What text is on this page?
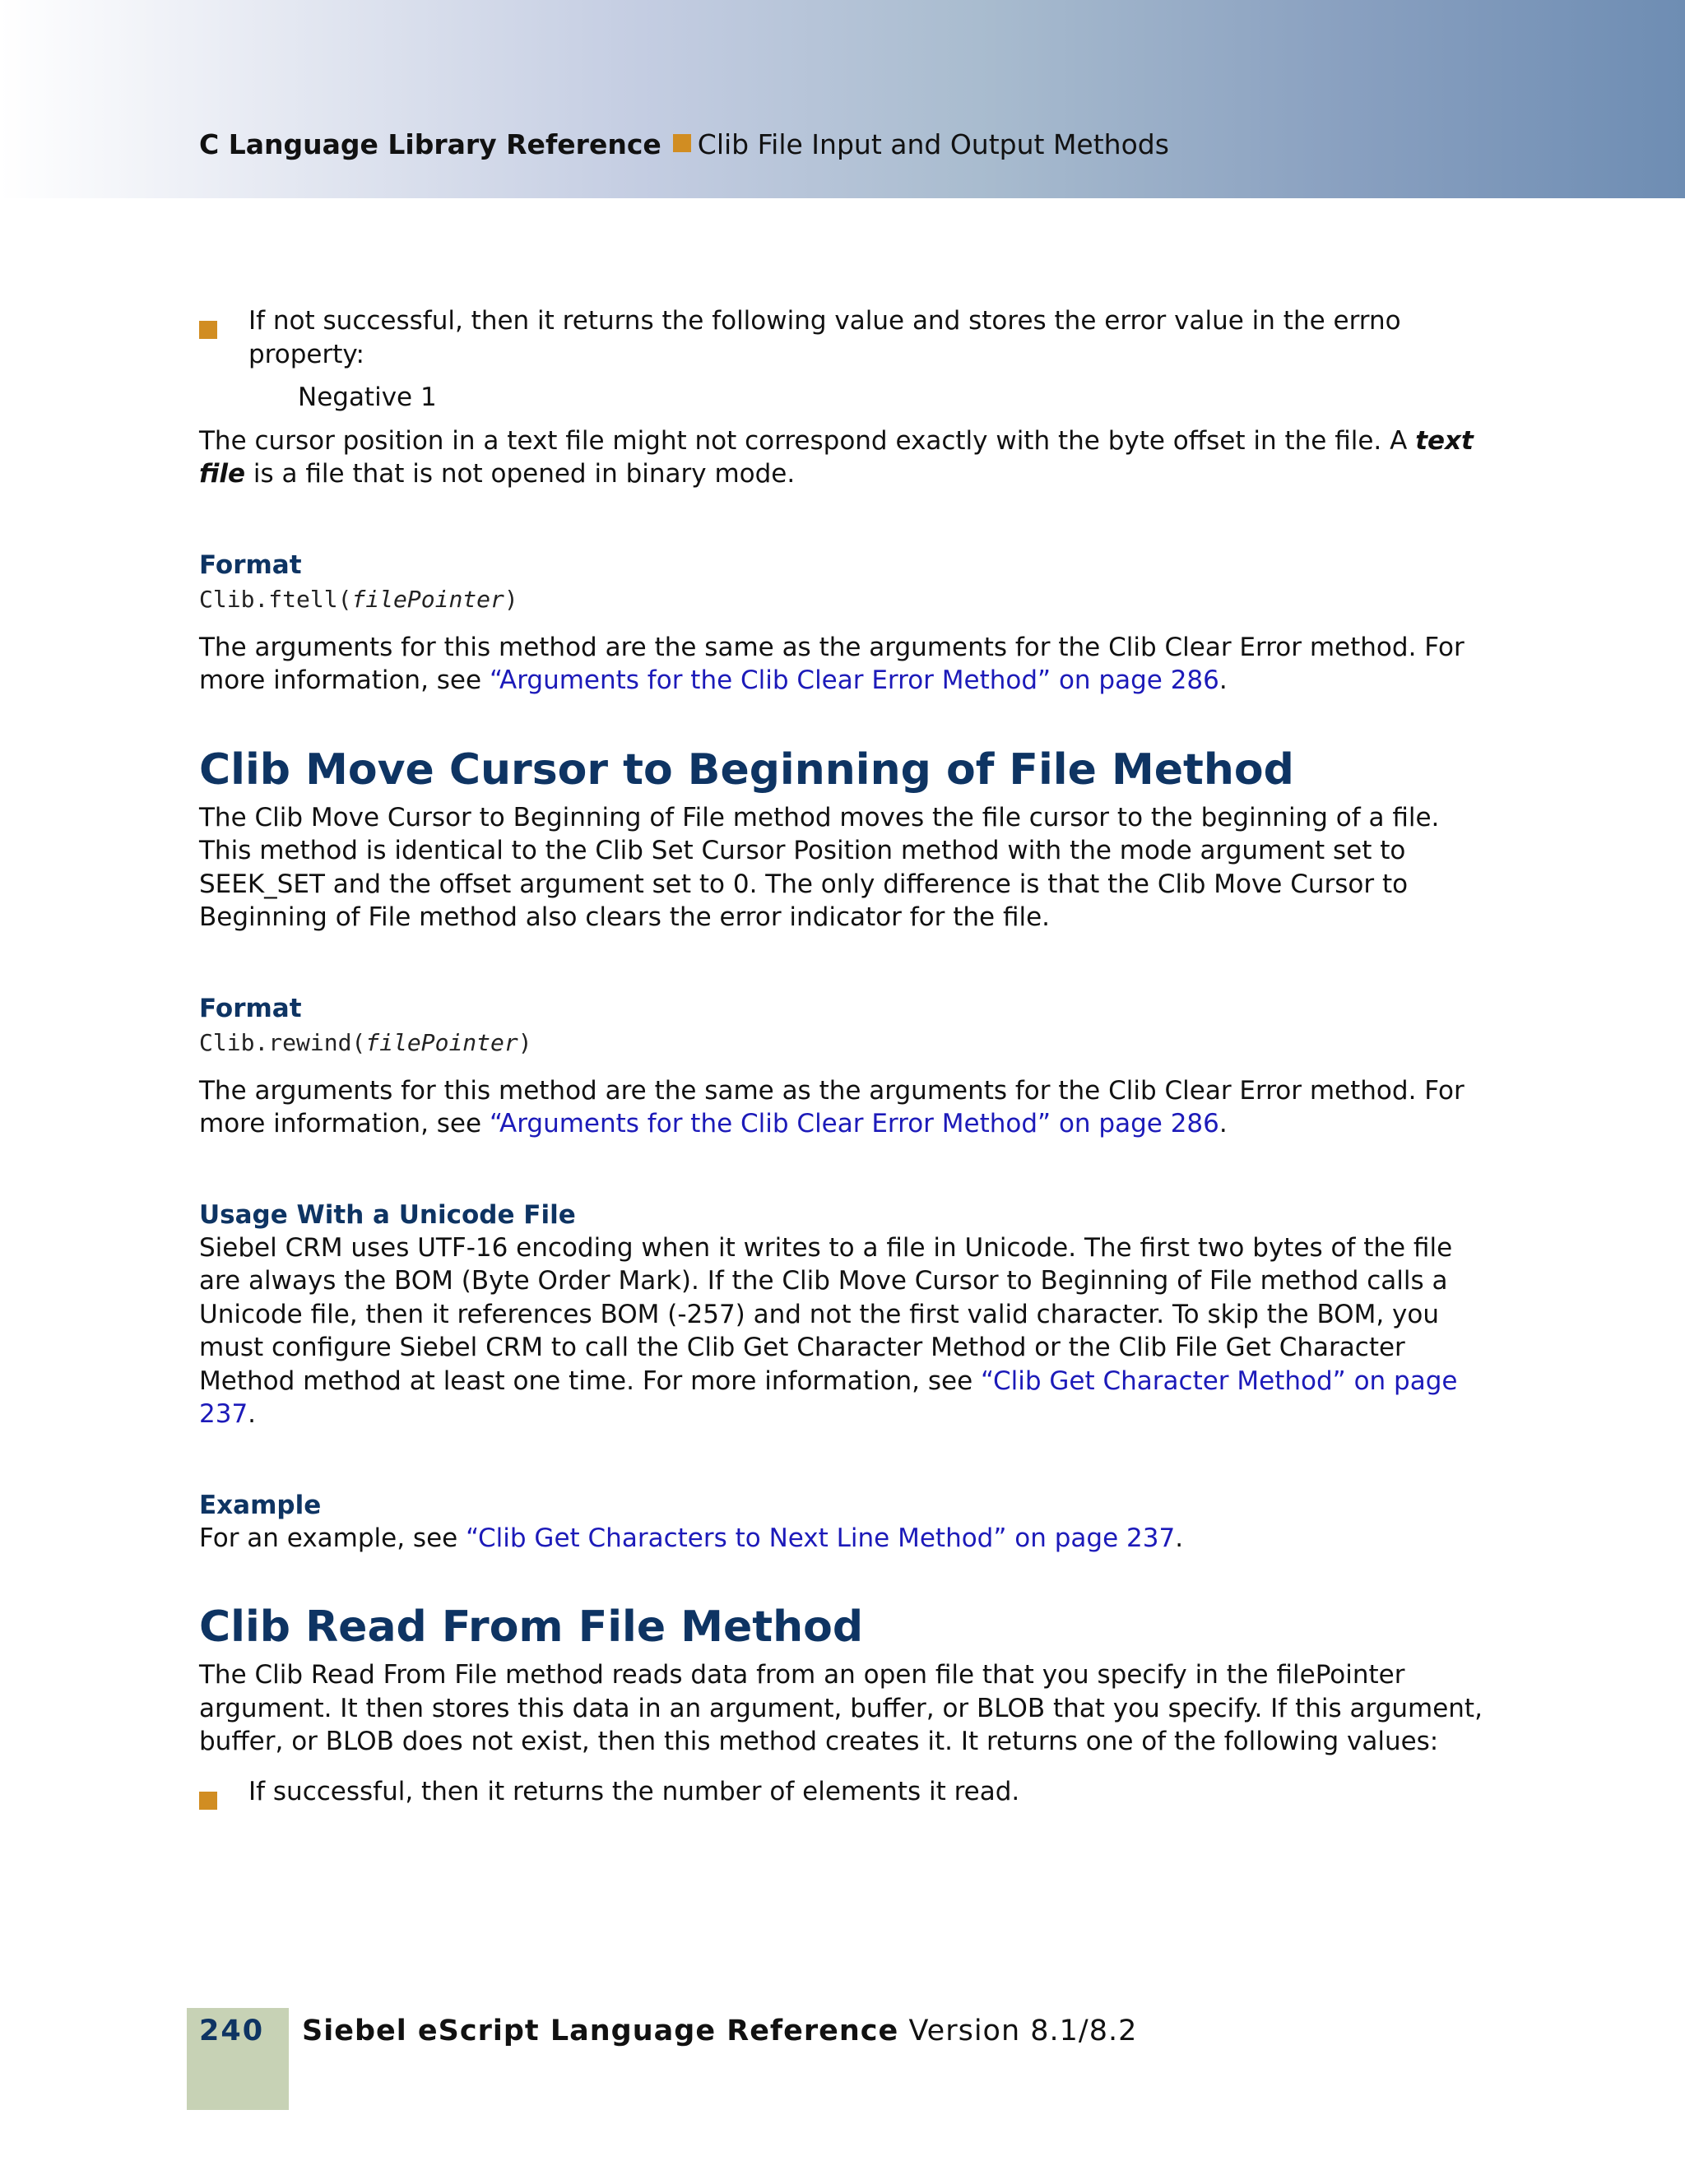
C Language Library Reference Clib File Input and Output Methods
If not successful, then it returns the following value and stores the error value in the errno property:
Negative 1

The cursor position in a text file might not correspond exactly with the byte offset in the file. A text file is a file that is not opened in binary mode.

Format
Clib.ftell(filePointer)

The arguments for this method are the same as the arguments for the Clib Clear Error method. For more information, see “Arguments for the Clib Clear Error Method” on page 286.

Clib Move Cursor to Beginning of File Method

The Clib Move Cursor to Beginning of File method moves the file cursor to the beginning of a file. This method is identical to the Clib Set Cursor Position method with the mode argument set to SEEK_SET and the offset argument set to 0. The only difference is that the Clib Move Cursor to Beginning of File method also clears the error indicator for the file.

Format
Clib.rewind(filePointer)

The arguments for this method are the same as the arguments for the Clib Clear Error method. For more information, see “Arguments for the Clib Clear Error Method” on page 286.

Usage With a Unicode File

Siebel CRM uses UTF-16 encoding when it writes to a file in Unicode. The first two bytes of the file are always the BOM (Byte Order Mark). If the Clib Move Cursor to Beginning of File method calls a Unicode file, then it references BOM (-257) and not the first valid character. To skip the BOM, you must configure Siebel CRM to call the Clib Get Character Method or the Clib File Get Character Method method at least one time. For more information, see “Clib Get Character Method” on page 237.

Example

For an example, see “Clib Get Characters to Next Line Method” on page 237.

Clib Read From File Method

The Clib Read From File method reads data from an open file that you specify in the filePointer argument. It then stores this data in an argument, buffer, or BLOB that you specify. If this argument, buffer, or BLOB does not exist, then this method creates it. It returns one of the following values:

If successful, then it returns the number of elements it read.
240 Siebel eScript Language Reference Version 8.1/8.2
